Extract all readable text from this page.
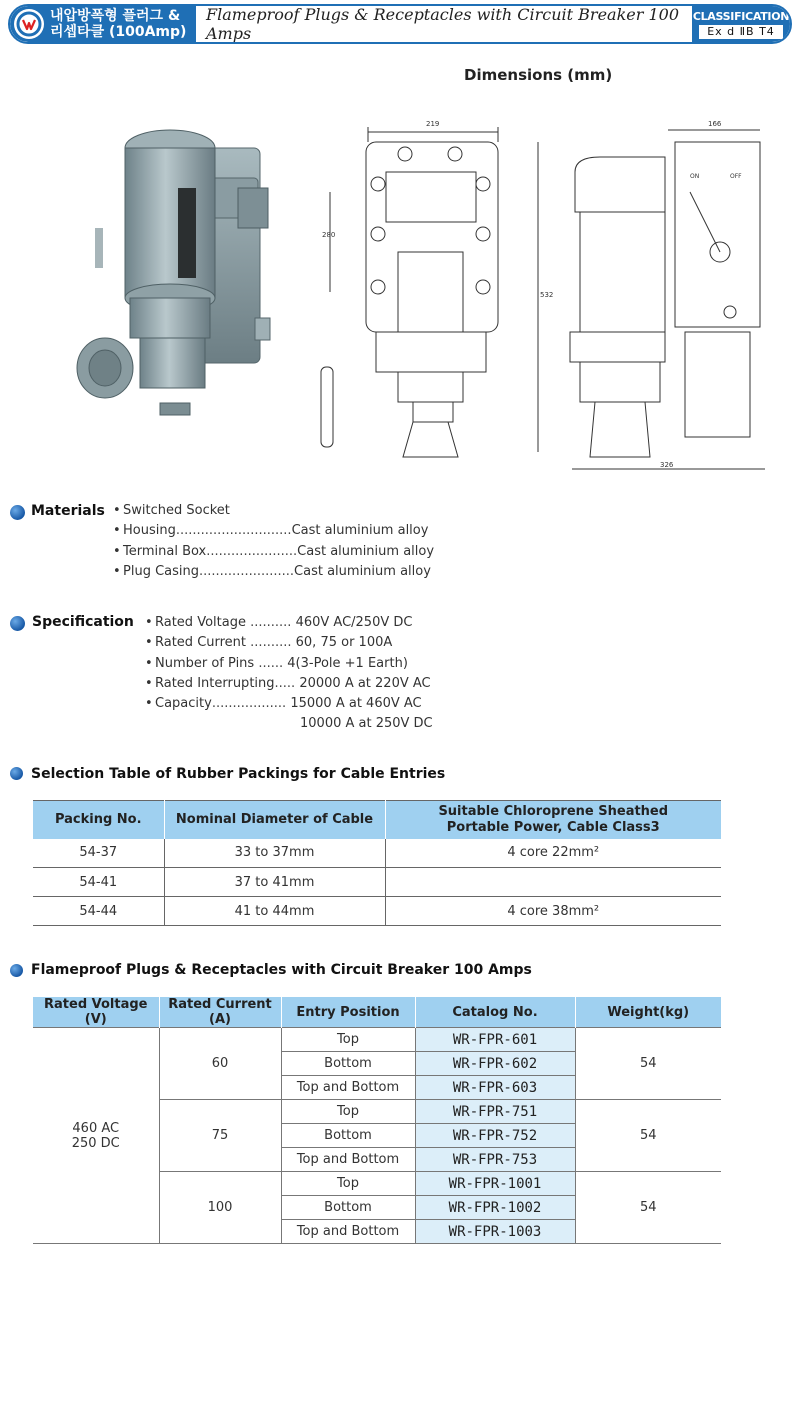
내압방폭형 플러그 &
리셉타클 (100Amp)
Flameproof Plugs & Receptacles with Circuit Breaker 100 Amps
CLASSIFICATION
Ex d ⅡB T4
Dimensions (mm)
219
280
532
166
326
ON	OFF
Materials • Switched Socket
• Housing ............................ Cast aluminium alloy
• Terminal Box ...................... Cast aluminium alloy
• Plug Casing ....................... Cast aluminium alloy
Specification • Rated Voltage
..........
460V AC/250V DC
• Rated Current
..........
60, 75 or 100A
• Number of Pins
......
4(3-Pole +1 Earth)
• Rated Interrupting .....
20000 A at 220V AC
• Capacity ..................
15000 A at 460V AC
10000 A at 250V DC
Selection Table of Rubber Packings for Cable Entries
Packing No.	Nominal Diameter of Cable	Suitable Chloroprene Sheathed
Portable Power, Cable Class3

54-37	33 to 37mm	4 core 22mm²
54-41	37 to 41mm	
54-44	41 to 44mm	4 core 38mm²
Flameproof Plugs & Receptacles with Circuit Breaker 100 Amps
Rated Voltage (V)	Rated Current (A)	Entry Position	Catalog No.	Weight(kg)

460 AC
250 DC	60	Top	WR-FPR-601	54
		Bottom	WR-FPR-602	
		Top and Bottom	WR-FPR-603	
	75	Top	WR-FPR-751	54
		Bottom	WR-FPR-752	
		Top and Bottom	WR-FPR-753	
	100	Top	WR-FPR-1001	54
		Bottom	WR-FPR-1002	
		Top and Bottom	WR-FPR-1003	
